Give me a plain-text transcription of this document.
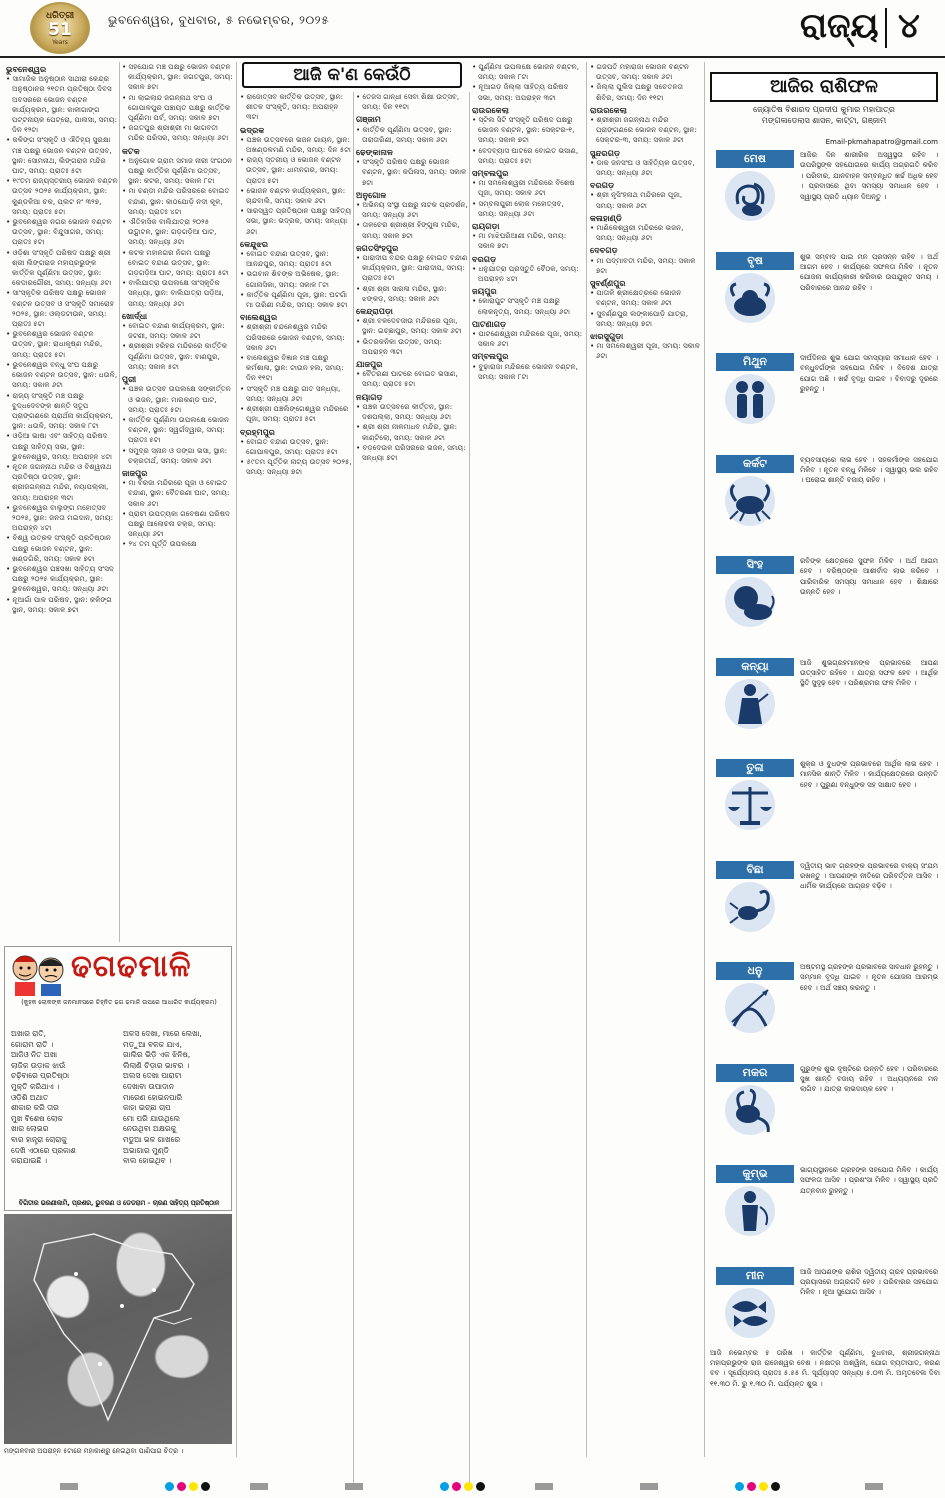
ଧରିତ୍ରୀ
51
Years
ଭୁବନେଶ୍ୱର, ବୁଧବାର, ୫ ନଭେମ୍ବର, ୨୦୨୫	ରାଜ୍ୟ ୪
ଆଜି କ'ଣ କେଉଁଠି
ଭୁବନେଶ୍ୱର
• ସାମାଜିକ ଅନୁଷ୍ଠାନ ସାଥୀରା କେନ୍ଦ୍ର ଅନୁଷ୍ଠାନର ୨୧ତମ ପ୍ରତିଷ୍ଠା ଦିବସ ଅବସରରେ ଭୋଜନ ବଣ୍ଟନ କାର୍ଯ୍ୟକ୍ରମ, ସ୍ଥାନ: କାଳୀଗାଙ୍ଗ ପଟ୍ଟନାୟକ ପେଟ୍ରୋ, ପାଲସା, ସମୟ: ଦିନ ୧୨ଟା
• କଳିଙ୍ଗ ସଂସ୍କୃତି ଓ ଐତିହ୍ୟ ସୁରକ୍ଷା ମଞ୍ଚ ପକ୍ଷରୁ ଭୋଜନ ବଣ୍ଟନ ଉତ୍ସବ, ସ୍ଥାନ: ସୋମନାଥ, ଲିଙ୍ଗରାଜ ମନ୍ଦିର ଘାଟ, ସମୟ: ପ୍ରାତଃ ୫ଟା
• ୧୯ତମ ରାଜ୍ୟସ୍ତରୀୟ ଭୋଜନ ବଣ୍ଟନ ଉତ୍ସବ ୨୦୨୫ କାର୍ଯ୍ୟକ୍ରମ, ସ୍ଥାନ: କୁଣ୍ଡଳିଆ ଚକ, ପ୍ଲଟ ନଂ ୩୨୭, ସମୟ: ପ୍ରାତଃ ୫ଟା
• ଭୁବନେଶ୍ୱର ନଗର ଭୋଜନ ବଣ୍ଟନ ଉତ୍ସବ, ସ୍ଥାନ: ବିନ୍ଦୁସାଗର, ସମୟ: ପ୍ରାତଃ ୫ଟା
• ଓଡ଼ିଶା ସଂସ୍କୃତି ପରିଷଦ ପକ୍ଷରୁ ଶ୍ରୀ ଶ୍ରୀ ଲିଙ୍ଗରାଜ ମହାପ୍ରଭୁଙ୍କ କାର୍ତ୍ତିକ ପୂର୍ଣ୍ଣିମା ଉତ୍ସବ, ସ୍ଥାନ: କେଦାରଗୌରୀ, ସମୟ: ସନ୍ଧ୍ୟା ୬ଟା
• ସାଂସ୍କୃତିକ ପରିଷଦ ପକ୍ଷରୁ ଭୋଜନ ବଣ୍ଟନ ଉତ୍ସବ ଓ ସଂସ୍କୃତି ସମାରୋହ ୨୦୨୫, ସ୍ଥାନ: ଓଲ୍ଡଟାଉନ, ସମୟ: ପ୍ରାତଃ ୫ଟା
• ଭୁବନେଶ୍ୱର ଭୋଜନ ବଣ୍ଟନ ଉତ୍ସବ, ସ୍ଥାନ: ରାଧାକୃଷ୍ଣ ମନ୍ଦିର, ସମୟ: ପ୍ରାତଃ ୫ଟା
• ଭୁବନେଶ୍ୱର ବନ୍ଧୁ ସଂଘ ପକ୍ଷରୁ ଭୋଜନ ବଣ୍ଟନ ଉତ୍ସବ, ସ୍ଥାନ: ଧଉଳି, ସମୟ: ସକାଳ ୬ଟା
• ରାଜ୍ୟ ସଂସ୍କୃତି ମଞ୍ଚ ପକ୍ଷରୁ ବୁଦ୍ଧଦେବଙ୍କ ଶାନ୍ତି ସ୍ତୂପ ପ୍ରାଙ୍ଗଣରେ ପ୍ରାର୍ଥନା କାର୍ଯ୍ୟକ୍ରମ, ସ୍ଥାନ: ଧଉଳି, ସମୟ: ସକାଳ ୮ଟା
• ଓଡ଼ିଆ ଭାଷା ଏବଂ ସାହିତ୍ୟ ପରିଷଦ ପକ୍ଷରୁ ସାହିତ୍ୟ ସଭା, ସ୍ଥାନ: ଭୁବନେଶ୍ୱର, ସମୟ: ଅପରାହ୍ନ ୪ଟା
• ନୂତନ ଜଗନ୍ନାଥ ମନ୍ଦିର ଓ ବିଶ୍ୱନାଥ ପ୍ରତିଷ୍ଠା ଉତ୍ସବ, ସ୍ଥାନ: ଶ୍ରୀଜଗନ୍ନାଥ ମନ୍ଦିର, ନୟାପଲ୍ଲୀ, ସମୟ: ଅପରାହ୍ନ ୩ଟା
• ଭୁବନେଶ୍ୱର ବାଲୁଙ୍ଗ ମହୋତ୍ସବ ୨୦୨୫, ସ୍ଥାନ: ଜନତା ମଇଦାନ, ସମୟ: ଅପରାହ୍ନ ୪ଟା
• ବିଶ୍ୱ ଉତ୍କଳ ସଂସ୍କୃତି ପ୍ରତିଷ୍ଠାନ ପକ୍ଷରୁ ଭୋଜନ ବଣ୍ଟନ, ସ୍ଥାନ: ଖଣ୍ଡଗିରି, ସମୟ: ସକାଳ ୭ଟା
• ଭୁବନେଶ୍ୱର ପଞ୍ଚସଖା ସାହିତ୍ୟ ସଂସଦ ପକ୍ଷରୁ ୨୦୨୫ କାର୍ଯ୍ୟକ୍ରମ, ସ୍ଥାନ: ଭୁବନେଶ୍ୱର, ସମୟ: ସନ୍ଧ୍ୟା ୬ଟା
• ନୂଆଗାଁ ପାଳ ପରିଷଦ, ସ୍ଥାନ: କଳିଙ୍ଗ ସ୍ଥାନ, ସମୟ: ସକାଳ ୭ଟା
• ସହଯୋଗ ମଞ୍ଚ ପକ୍ଷରୁ ଭୋଜନ ବଣ୍ଟନ କାର୍ଯ୍ୟକ୍ରମ, ସ୍ଥାନ: ଜଗତପୁର, ସମୟ: ସକାଳ ୭ଟା
• ମା ଲାଇଲାନ୍ଦ ଜଗନ୍ନାଥ ସଂଘ ଓ ଗୋପାଳପୁର ପଞ୍ଚାୟତ ପକ୍ଷରୁ କାର୍ତ୍ତିକ ପୂର୍ଣ୍ଣିମା ପର୍ବ, ସମୟ: ସକାଳ ୭ଟା
• ଜଗତପୁର ଶ୍ରୀଶ୍ରୀ ମା ଭାଗବତୀ ମନ୍ଦିର ପରିସର, ସମୟ: ସନ୍ଧ୍ୟା ୬ଟା
କଟକ
• ଅନୁଗୋଳ ଗ୍ରାମ ସମାଜ ନାରୀ ସଂଗଠନ ପକ୍ଷରୁ କାର୍ତ୍ତିକ ପୂର୍ଣ୍ଣିମା ଉତ୍ସବ, ସ୍ଥାନ: କଟକ, ସମୟ: ସକାଳ ୮ଟା
• ମା ଚଣ୍ଡୀ ମନ୍ଦିର ପରିସରରେ ବୋଇତ ବନ୍ଦାଣ, ସ୍ଥାନ: କାଠଯୋଡ଼ି ନଦୀ କୂଳ, ସମୟ: ପ୍ରାତଃ ୪ଟା
• ଐତିହାସିକ ବାଲିଯାତ୍ରା ୨୦୨୫ ଉଦ୍ଘାଟନ, ସ୍ଥାନ: ଗଡ଼ଗଡ଼ିଆ ଘାଟ, ସମୟ: ସନ୍ଧ୍ୟା ୬ଟା
• କଟକ ମହାନଗର ନିଗମ ପକ୍ଷରୁ ବୋଇତ ବନ୍ଦାଣ ଉତ୍ସବ, ସ୍ଥାନ: ଗଡ଼ଗଡ଼ିଆ ଘାଟ, ସମୟ: ପ୍ରାତଃ ୫ଟା
• ବାଲିଯାତ୍ରା ଉପଲକ୍ଷେ ସାଂସ୍କୃତିକ ସନ୍ଧ୍ୟା, ସ୍ଥାନ: ବାଲିଯାତ୍ରା ପଡ଼ିଆ, ସମୟ: ସନ୍ଧ୍ୟା ୬ଟା
ଖୋର୍ଦ୍ଧା
• ବୋଇତ ବନ୍ଦାଣ କାର୍ଯ୍ୟକ୍ରମ, ସ୍ଥାନ: ଜଟଣୀ, ସମୟ: ସକାଳ ୬ଟା
• ଶ୍ରୀଶ୍ରୀ ହରିହର ମନ୍ଦିରରେ କାର୍ତ୍ତିକ ପୂର୍ଣ୍ଣିମା ଉତ୍ସବ, ସ୍ଥାନ: ବାଣପୁର, ସମୟ: ସକାଳ ୫ଟା
ପୁରୀ
• ପଞ୍ଚକ ଉତ୍ସବ ଉପଲକ୍ଷେ ସଙ୍କୀର୍ତ୍ତନ ଓ ଭଜନ, ସ୍ଥାନ: ମାରକଣ୍ଡ ଘାଟ, ସମୟ: ପ୍ରାତଃ ୫ଟା
• କାର୍ତ୍ତିକ ପୂର୍ଣ୍ଣିମା ଉପଲକ୍ଷେ ଭୋଜନ ବଣ୍ଟନ, ସ୍ଥାନ: ସ୍ୱର୍ଗଦ୍ୱାର, ସମୟ: ପ୍ରାତଃ ୫ଟା
• ସମୁଦ୍ର ସ୍ନାନ ଓ ଡଙ୍ଗା ଭସା, ସ୍ଥାନ: ଚକ୍ରତୀର୍ଥ, ସମୟ: ସକାଳ ୬ଟା
ଜାଜପୁର
• ମା ବିରଜା ମନ୍ଦିରରେ ପୂଜା ଓ ବୋଇତ ବନ୍ଦାଣ, ସ୍ଥାନ: ବୈତରଣୀ ଘାଟ, ସମୟ: ସକାଳ ୬ଟା
• ପ୍ରାଚୀ ଉପତ୍ୟକା ଗବେଷଣା ପରିଷଦ ପକ୍ଷରୁ ଆଲୋଚନା ଚକ୍ର, ସମୟ: ସନ୍ଧ୍ୟା ୬ଟା
• ୨୪ ତମ ପୂର୍ତ୍ତି ଉପଲକ୍ଷେ
• ରାଜୋତ୍ସବ କାର୍ତ୍ତିକ ଉତ୍ସବ, ସ୍ଥାନ: ଶୀତଳ ସଂସ୍କୃତି, ସମୟ: ଅପରାହ୍ନ ୩ଟା
ଭଦ୍ରକ
• ପଞ୍ଚକ ଉତ୍ସବରେ ଭଜନ ଗାୟନ, ସ୍ଥାନ: ଅଖଣ୍ଡଳମଣି ମନ୍ଦିର, ସମୟ: ଦିନ ୫ଟା
• ରାଜ୍ୟ ସ୍ତରୀୟ ଓ ଭୋଜନ ବଣ୍ଟନ ଉତ୍ସବ, ସ୍ଥାନ: ଧାମନଗର, ସମୟ: ପ୍ରାତଃ ୫ଟା
• ଭୋଜନ ବଣ୍ଟନ କାର୍ଯ୍ୟକ୍ରମ, ସ୍ଥାନ: ଚାନ୍ଦବାଲି, ସମୟ: ସକାଳ ୬ଟା
• ସାରସ୍ୱତ ପ୍ରତିଷ୍ଠାନ ପକ୍ଷରୁ ସାହିତ୍ୟ ସଭା, ସ୍ଥାନ: ଭଦ୍ରକ, ସମୟ: ସନ୍ଧ୍ୟା ୬ଟା
କେନ୍ଦୁଝର
• ବୋଇତ ବନ୍ଦାଣ ଉତ୍ସବ, ସ୍ଥାନ: ଆନନ୍ଦପୁର, ସମୟ: ପ୍ରାତଃ ୫ଟା
• ଭଗବାନ ଶିବଙ୍କ ଅଭିଷେକ, ସ୍ଥାନ: ଗୋନାସିକା, ସମୟ: ସକାଳ ୮ଟା
• କାର୍ତ୍ତିକ ପୂର୍ଣ୍ଣିମା ପୂଜା, ସ୍ଥାନ: ଘଟଗାଁ ମା ତାରିଣୀ ମନ୍ଦିର, ସମୟ: ସକାଳ ୭ଟା
ବାଲେଶ୍ୱର
• ଶ୍ରୀଶ୍ରୀ ଚନ୍ଦନେଶ୍ୱର ମନ୍ଦିର ପରିସରରେ ଭୋଜନ ବଣ୍ଟନ, ସମୟ: ସକାଳ ୬ଟା
• ବାଲେଶ୍ୱର ବିଜ୍ଞାନ ମଞ୍ଚ ପକ୍ଷରୁ କର୍ମଶାଳା, ସ୍ଥାନ: ଟାଉନ ହଲ, ସମୟ: ଦିନ ୧୧ଟା
• ସଂସ୍କୃତି ମଞ୍ଚ ପକ୍ଷରୁ ଗୀତ ସନ୍ଧ୍ୟା, ସମୟ: ସନ୍ଧ୍ୟା ୬ଟା
• ଶ୍ରୀଶ୍ରୀ ପଞ୍ଚଲିଙ୍ଗେଶ୍ୱର ମନ୍ଦିରରେ ପୂଜା, ସମୟ: ପ୍ରାତଃ ୫ଟା
ବ୍ରହ୍ମପୁର
• ବୋଇତ ବନ୍ଦାଣ ଉତ୍ସବ, ସ୍ଥାନ: ଗୋପାଳପୁର, ସମୟ: ପ୍ରାତଃ ୫ଟା
• ୫୯ତମ ପୂର୍ତ୍ତିକ ନାଟ୍ୟ ଉତ୍ସବ ୨୦୨୫, ସମୟ: ସନ୍ଧ୍ୟା ୭ଟା
• ତେଜସ ଗାନ୍ଧୀ ସେବା ଶିକ୍ଷା ଉତ୍ସବ, ସମୟ: ଦିନ ୧୧ଟା
ଗଞ୍ଜାମ
• କାର୍ତ୍ତିକ ପୂର୍ଣ୍ଣିମା ଉତ୍ସବ, ସ୍ଥାନ: ତାରାତାରିଣୀ, ସମୟ: ସକାଳ ୬ଟା
ଢେଙ୍କାନାଳ
• ସଂସ୍କୃତି ପରିଷଦ ପକ୍ଷରୁ ଭୋଜନ ବଣ୍ଟନ, ସ୍ଥାନ: କପିଳାସ, ସମୟ: ସକାଳ ୭ଟା
ଅନୁଗୋଳ
• ଅଭିନୟ ସଂସ୍ଥା ପକ୍ଷରୁ ନାଟକ ପ୍ରଦର୍ଶନ, ସମୟ: ସନ୍ଧ୍ୟା ୬ଟା
• ତାଳଚେର ଶ୍ରୀଶ୍ରୀ ହିଙ୍ଗୁଳା ମନ୍ଦିର, ସମୟ: ସକାଳ ୭ଟା
ଜଗତସିଂହପୁର
• ପାରାଦୀପ ବନ୍ଦର ପକ୍ଷରୁ ବୋଇତ ବନ୍ଦାଣ କାର୍ଯ୍ୟକ୍ରମ, ସ୍ଥାନ: ପାରାଦୀପ, ସମୟ: ପ୍ରାତଃ ୫ଟା
• ଶ୍ରୀ ଶ୍ରୀ ସାରଳା ମନ୍ଦିର, ସ୍ଥାନ: ଝଙ୍କଡ଼, ସମୟ: ସକାଳ ୬ଟା
କେନ୍ଦ୍ରାପଡ଼ା
• ଶ୍ରୀ ବଳଦେବଜୀଉ ମନ୍ଦିରରେ ପୂଜା, ସ୍ଥାନ: ଇଚ୍ଛାପୁର, ସମୟ: ସକାଳ ୬ଟା
• ଭିତରକନିକା ଉତ୍ସବ, ସମୟ: ଅପରାହ୍ନ ୩ଟା
ଯାଜପୁର
• ବୈତରଣୀ ଘାଟରେ ବୋଇତ ଭସାଣ, ସମୟ: ପ୍ରାତଃ ୫ଟା
ନୟାଗଡ଼
• ପଞ୍ଚକ ଉତ୍ସବରେ କୀର୍ତ୍ତନ, ସ୍ଥାନ: ଦଶପଲ୍ଲା, ସମୟ: ସନ୍ଧ୍ୟା ୬ଟା
• ଶ୍ରୀ ଶ୍ରୀ ନୀଳମାଧବ ମନ୍ଦିର, ସ୍ଥାନ: କାଣ୍ଟିଲୋ, ସମୟ: ସକାଳ ୬ଟା
• ବଡ଼ଦେଉଳ ପରିସରରେ ଭଜନ, ସମୟ: ସନ୍ଧ୍ୟା ୭ଟା
• ପୁର୍ଣ୍ଣିମା ଉପଲକ୍ଷେ ଭୋଜନ ବଣ୍ଟନ, ସମୟ: ସକାଳ ୮ଟା
• ନୂଆଗଡ଼ ଜିଲ୍ଲା ସାହିତ୍ୟ ପରିଷଦ ସଭା, ସମୟ: ଅପରାହ୍ନ ୩ଟା
ରାଉରକେଲା
• ସ୍ଟିଲ ସିଟି ସଂସ୍କୃତି ପରିଷଦ ପକ୍ଷରୁ ଭୋଜନ ବଣ୍ଟନ, ସ୍ଥାନ: ସେକ୍ଟର-୧, ସମୟ: ସକାଳ ୭ଟା
• ବେଦବ୍ୟାସ ଘାଟରେ ବୋଇତ ଭସାଣ, ସମୟ: ପ୍ରାତଃ ୫ଟା
ସମ୍ବଲପୁର
• ମା ସମଲେଶ୍ୱରୀ ମନ୍ଦିରରେ ବିଶେଷ ପୂଜା, ସମୟ: ସକାଳ ୬ଟା
• ସମ୍ବଲପୁରୀ ଲୋକ ମହୋତ୍ସବ, ସମୟ: ସନ୍ଧ୍ୟା ୬ଟା
ରାୟଗଡ଼ା
• ମା ମାଝିଘରିଆଣୀ ମନ୍ଦିର, ସମୟ: ସକାଳ ୭ଟା
ବରଗଡ଼
• ଧନୁଯାତ୍ରା ପ୍ରସ୍ତୁତି ବୈଠକ, ସମୟ: ଅପରାହ୍ନ ୪ଟା
ଜୟପୁର
• କୋରାପୁଟ ସଂସ୍କୃତି ମଞ୍ଚ ପକ୍ଷରୁ ଲୋକନୃତ୍ୟ, ସମୟ: ସନ୍ଧ୍ୟା ୬ଟା
ପାଟଣାଗଡ଼
• ପାଟଣେଶ୍ୱରୀ ମନ୍ଦିରରେ ପୂଜା, ସମୟ: ସକାଳ ୬ଟା
ସମ୍ବଲପୁର
• ବୁଢ଼ାରାଜା ମନ୍ଦିରରେ ଭୋଜନ ବଣ୍ଟନ, ସମୟ: ସକାଳ ୮ଟା
• ଗଜପତି ମହାରାଜା ଭୋଜନ ବଣ୍ଟନ ଉତ୍ସବ, ସମୟ: ସକାଳ ୬ଟା
• ଜିଲ୍ଲା ପୁଲିସ ପକ୍ଷରୁ ସଚେତନତା ଶିବିର, ସମୟ: ଦିନ ୧୧ଟା
ରାଉରକେଲା
• ଶ୍ରୀଶ୍ରୀ ଜଗନ୍ନାଥ ମନ୍ଦିର ପ୍ରାଙ୍ଗଣରେ ଭୋଜନ ବଣ୍ଟନ, ସ୍ଥାନ: ସେକ୍ଟର-୩, ସମୟ: ସକାଳ ୬ଟା
ସୁନ୍ଦରଗଡ଼
• ଡାକ ଜନସଂଘ ଓ ସାହିତ୍ୟିକ ଉତ୍ସବ, ସମୟ: ସନ୍ଧ୍ୟା ୬ଟା
ବରଗଡ଼
• ଶ୍ରୀ ନୃସିଂହନାଥ ମନ୍ଦିରରେ ପୂଜା, ସମୟ: ସକାଳ ୬ଟା
କଳାହାଣ୍ଡି
• ମାଣିକେଶ୍ୱରୀ ମନ୍ଦିରରେ ଭଜନ, ସମୟ: ସନ୍ଧ୍ୟା ୬ଟା
ଦେବଗଡ଼
• ମା ପଦ୍ମାବତୀ ମନ୍ଦିର, ସମୟ: ସକାଳ ୭ଟା
ସୁବର୍ଣ୍ଣପୁର
• ପାତାଳି ଶ୍ରୀକ୍ଷେତ୍ରରେ ଭୋଜନ ବଣ୍ଟନ, ସମୟ: ସକାଳ ୬ଟା
• ସୁବର୍ଣ୍ଣପୁର ଲଙ୍କାପୋଡ଼ି ଯାତ୍ରା, ସମୟ: ସନ୍ଧ୍ୟା ୭ଟା
ଝାରସୁଗୁଡ଼ା
• ମା ସମଲେଶ୍ୱରୀ ପୂଜା, ସମୟ: ସକାଳ ୬ଟା
ଢଗଢମାଳି
(କୁହକ ଲୋକଙ୍କ ଜନମାନସରେ ଚିହ୍ନିତ ଢଗ ଢମାଳି ଉପରେ ଆଧାରିତ କାର୍ଯ୍ୟକ୍ରମ)
ଅଖାର ରାତି,
ଗୋରାମ ରାତି ।
ଆଜିଓ ନିତ ଅଖା
ଲାଜିକ ଉଡ଼ାକ ଝାଉଁ
ଚଢ଼ିବାରେ ପ୍ରତିଷ୍ଠା
ମୁକ୍ତି କରିଥାଏ ।
ଓଡ଼ିଶି ଅଥାତ
ଶୀକାର କରି ତାର
ମୁଖ ବିଶେଷ ଲୋକ
ଖାର ଲୋଭର
ବାର ହାନ୍ତ୍ରା ଚୋରାକୁ
ଦେଖି ଏଠାରେ ପ୍ରକାଶ
କରାଯାଇଛି ।
ଅଳସ ଦେଖା, ମାରେ ଲେଖା,
ମଡ଼ୁଆ ବଳକ ଯାଏ,
ଗାଲିର ଭିଡ଼ି ଏକ ଝିନିଷ,
ଲିଲାଣି ଚିଡ଼ାର ଭାବର ।
ଅଲସ ଦେଖା ପାରାଟା
ଦେଖାବା ଉପାଦାନ
ମାରେଣ ହୋଇନପାରି
କାହା ଇଚ୍ଛା ଚାପ
ମୋ ପରି ଯାଉଥିଲେ
ନେଉଥିବା ଅକ୍ଷରକୁ
ମଡୁଆ ଭଳ ଗାଖରେ
ଅଭାଗାର ମୁଣ୍ଡି
ବାଲ ହୋଇଥିବ ।
ବିଗିତୀର ଭରଣୀକାମି, ପ୍ରଶର, ଭୁବରଣ ଓ ଡେଡରାମ – ଚାରଣ ସାହିତ୍ୟ ପ୍ରତିଷ୍ଠାନ
ମଙ୍ଗଳବାର ଅପରାହ୍ନ ୫ଟାରେ ମହାକାଶରୁ ନେଇଥିବା ପାଣିପାଗ ଚିତ୍ର ।
ଆଜିର ରାଶିଫଳ
ଜ୍ୟୋତିଷ ବିଶାରଦ ପ୍ରଦୀପ କୁମାର ମହାପାତ୍ର
ମଙ୍ଗଳାଡେଲାସ ଶାସନ, କାଟ୍ଟା, ଗଞ୍ଜାମ
Email-pkmahapatro@gmail.com
ମେଷ	ଆଜିର ଦିନ ଶାରୀରିକ ଅସ୍ୱସ୍ଥତା ରହିବ । ଉପରିସ୍ଥଙ୍କ ସହଯୋଗରେ କାର୍ଯ୍ୟ ଅଗ୍ରଗତି କରିବ । ପରିବାର, ଯାନବାହନ ସମ୍ବନ୍ଧିତ ଖର୍ଚ୍ଚ ଅଧିକ ହେବ । ପ୍ରବାସରେ ଥିବା ସମସ୍ୟା ସମାଧାନ ହେବ । ସ୍ୱାସ୍ଥ୍ୟ ପ୍ରତି ଧ୍ୟାନ ଦିଅନ୍ତୁ ।
ବୃଷ	ଶୁଭ ସମ୍ବାଦ ପାଇ ମନ ପ୍ରସନ୍ନ ରହିବ । ଅର୍ଥ ଆଗମ ହେବ । କାର୍ଯ୍ୟରେ ସଫଳତା ମିଳିବ । ନୂତନ ଯୋଜନା କାର୍ଯ୍ୟକାରୀ କରିବାର ଉପଯୁକ୍ତ ସମୟ । ପରିବାରରେ ଆନନ୍ଦ ରହିବ ।
ମିଥୁନ	ଦୀର୍ଘଦିନର ଶୁଭ ଯୋଗ ସମସ୍ୟାର ସମାଧାନ ହେବ । ବନ୍ଧୁବର୍ଗଙ୍କ ସହଯୋଗ ମିଳିବ । ବିଦେଶ ଯାତ୍ରା ଯୋଗ ଅଛି । ଖର୍ଚ୍ଚ ବୃଦ୍ଧି ପାଇବ । ବିବାଦରୁ ଦୂରରେ ରୁହନ୍ତୁ ।
କର୍କଟ	ବ୍ୟବସାୟରେ ଲାଭ ହେବ । ସହକର୍ମୀଙ୍କ ସହଯୋଗ ମିଳିବ । ନୂତନ ବନ୍ଧୁ ମିଳିବେ । ସ୍ୱାସ୍ଥ୍ୟ ଭଲ ରହିବ । ଘରୋଇ ଶାନ୍ତି ବଜାୟ ରହିବ ।
ସିଂହ	ରବିଙ୍କ କ୍ଷେତ୍ରରେ ସୁଫଳ ମିଳିବ । ଅର୍ଥ ଆଗମ ହେବ । ବରିଷ୍ଠଙ୍କ ଆଶୀର୍ବାଦ ଲାଭ କରିବେ । ପାରିବାରିକ ସମସ୍ୟା ସମାଧାନ ହେବ । ଶିକ୍ଷାରେ ଉନ୍ନତି ହେବ ।
କନ୍ୟା	ଆଜି ଶୁଭଗ୍ରହମାନଙ୍କ ପ୍ରଭାବରେ ଆପଣ ଉତ୍ସାହିତ ରହିବେ । ଯାତ୍ରା ସଫଳ ହେବ । ଆର୍ଥିକ ସ୍ଥିତି ସୁଦୃଢ଼ ହେବ । ପରିଶ୍ରମର ଫଳ ମିଳିବ ।
ତୁଳା	ଶୁକ୍ର ଓ ବୁଧଙ୍କ ପ୍ରଭାବରେ ଆର୍ଥିକ ଲାଭ ହେବ । ମାନସିକ ଶାନ୍ତି ମିଳିବ । କାର୍ଯ୍ୟକ୍ଷେତ୍ରରେ ଉନ୍ନତି ହେବ । ପୁରୁଣା ବନ୍ଧୁଙ୍କ ସହ ସାକ୍ଷାତ ହେବ ।
ବିଛା	ଦ୍ୱିତୀୟ ଭାବ ଗ୍ରହଙ୍କ ପ୍ରଭାବରେ ବାକ୍ୟ ସଂଯମ ରଖନ୍ତୁ । ଆପଣଙ୍କ ନୀତିରେ ପରିବର୍ତ୍ତନ ଆସିବ । ଧାର୍ମିକ କାର୍ଯ୍ୟରେ ଆଗ୍ରହ ବଢ଼ିବ ।
ଧନୁ	ଅଷ୍ଟମସ୍ଥ ଗ୍ରହଙ୍କ ପ୍ରଭାବରେ ସାବଧାନ ରୁହନ୍ତୁ । ସମ୍ମାନ ବୃଦ୍ଧି ପାଇବ । ନୂତନ ଯୋଜନା ଆରମ୍ଭ ହେବ । ଅର୍ଥ ସଞ୍ଚୟ କରନ୍ତୁ ।
ମକର	ଗୁରୁଙ୍କ ଶୁଭ ଦୃଷ୍ଟିରେ ଉନ୍ନତି ହେବ । ପରିବାରରେ ସୁଖ ଶାନ୍ତି ବଜାୟ ରହିବ । ଅଧ୍ୟୟନରେ ମନ ଲାଗିବ । ଯାତ୍ରା ଲାଭଦାୟକ ହେବ ।
କୁମ୍ଭ	ଭାଗ୍ୟସ୍ଥାନରେ ଗ୍ରହଙ୍କ ସହଯୋଗ ମିଳିବ । କାର୍ଯ୍ୟ ସଫଳତା ଆସିବ । ପ୍ରଶଂସା ମିଳିବ । ସ୍ୱାସ୍ଥ୍ୟ ପ୍ରତି ଯତ୍ନବାନ ରୁହନ୍ତୁ ।
ମୀନ	ଆଜି ଆପଣଙ୍କ ରାଶିର ଦ୍ୱିତୀୟ ଗ୍ରହ ପ୍ରଭାବରେ ପ୍ରୟାସରେ ଅଗ୍ରଗତି ହେବ । ପରିବାରର ସହଯୋଗ ମିଳିବ । ନୂଆ ସୁଯୋଗ ଆସିବ ।
ଆଜି ନଭେମ୍ବର ୫ ତାରିଖ । କାର୍ତ୍ତିକ ପୂର୍ଣ୍ଣିମା, ବୁଧବାର, ଶ୍ରୀଜଗନ୍ନାଥ ମହାପ୍ରଭୁଙ୍କ ରାଜ ରାଜେଶ୍ୱର ବେଶ । ନକ୍ଷତ୍ର ଅଶ୍ୱିନୀ, ଯୋଗ ବ୍ୟତୀପାତ, କରଣ ବବ । ସୂର୍ଯ୍ୟୋଦୟ ପ୍ରାତଃ ୫.୫୫ ମି. ସୂର୍ଯ୍ୟାସ୍ତ ସନ୍ଧ୍ୟା ୫.୦୩ ମି. ଅମୃତବେଳା ଦିବା ୧୧.୩୦ ମି. ରୁ ୧.୩୦ ମି. ପର୍ଯ୍ୟନ୍ତ ଶୁଭ ।
